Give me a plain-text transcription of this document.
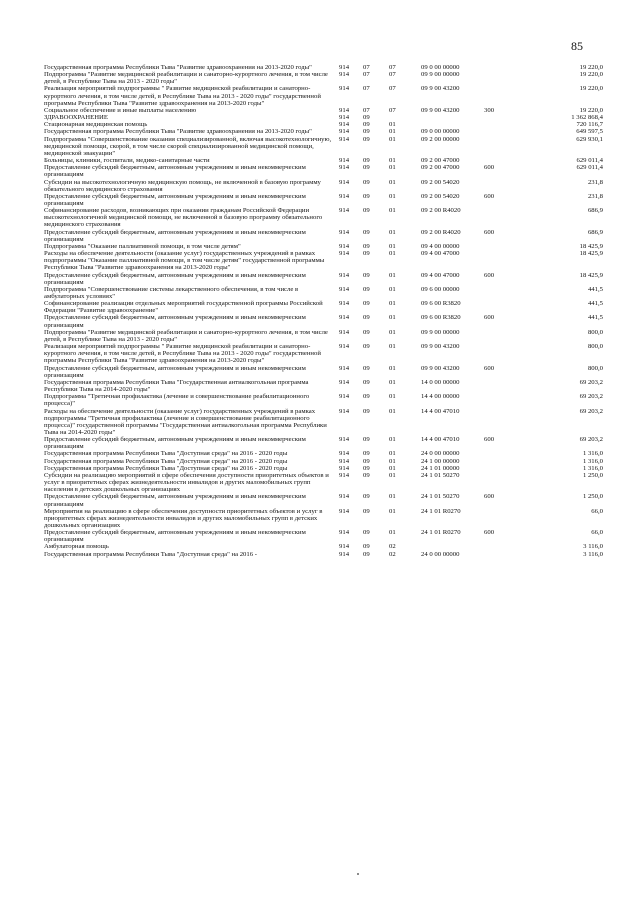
85
Государственная программа Республики Тыва "Развитие здравоохранения на 2013-2020 годы"	914	07	07	09 0 00 00000		19 220,0
Подпрограмма "Развитие медицинской реабилитации и санаторно-курортного лечения, в том числе детей, в Республике Тыва на 2013 - 2020 годы"	914	07	07	09 9 00 00000		19 220,0
Реализация мероприятий подпрограммы " Развитие медицинской реабилитации и санаторно-курортного лечения, в том числе детей, в Республике Тыва на 2013 - 2020 годы" государственной программы Республики Тыва "Развитие здравоохранения на 2013-2020 годы"	914	07	07	09 9 00 43200		19 220,0
Социальное обеспечение и иные выплаты населению	914	07	07	09 9 00 43200	300	19 220,0
ЗДРАВООХРАНЕНИЕ	914	09				1 362 868,4
Стационарная медицинская помощь	914	09	01			720 116,7
Государственная программа Республики Тыва "Развитие здравоохранения на 2013-2020 годы"	914	09	01	09 0 00 00000		649 597,5
Подпрограмма "Совершенствование оказания специализированной, включая высокотехнологичную, медицинской помощи, скорой, в том числе скорой специализированной медицинской помощи, медицинской эвакуации"	914	09	01	09 2 00 00000		629 930,1
Больницы, клиники, госпитали, медико-санитарные части	914	09	01	09 2 00 47000		629 011,4
Предоставление субсидий бюджетным, автономным учреждениям и иным некоммерческим организациям	914	09	01	09 2 00 47000	600	629 011,4
Субсидии на высокотехнологичную медицинскую помощь, не включенной в базовую программу обязательного медицинского страхования	914	09	01	09 2 00 54020		231,8
Предоставление субсидий бюджетным, автономным учреждениям и иным некоммерческим организациям	914	09	01	09 2 00 54020	600	231,8
Софинансирование расходов, возникающих при оказании гражданам Российской Федерации высокотехнологичной медицинской помощи, не включенной в базовую программу обязательного медицинского страхования	914	09	01	09 2 00 R4020		686,9
Предоставление субсидий бюджетным, автономным учреждениям и иным некоммерческим организациям	914	09	01	09 2 00 R4020	600	686,9
Подпрограмма "Оказание паллиативной помощи, в том числе детям"	914	09	01	09 4 00 00000		18 425,9
Расходы на обеспечение деятельности (оказание услуг) государственных учреждений в рамках подпрограммы "Оказание паллиативной помощи, в том числе детям" государственной программы Республики Тыва "Развитие здравоохранения на 2013-2020 годы"	914	09	01	09 4 00 47000		18 425,9
Предоставление субсидий бюджетным, автономным учреждениям и иным некоммерческим организациям	914	09	01	09 4 00 47000	600	18 425,9
Подпрограмма "Совершенствование системы лекарственного обеспечения, в том числе в амбулаторных условиях"	914	09	01	09 6 00 00000		441,5
Софинансирование реализации отдельных мероприятий государственной программы Российской Федерации "Развитие здравоохранение"	914	09	01	09 6 00 R3820		441,5
Предоставление субсидий бюджетным, автономным учреждениям и иным некоммерческим организациям	914	09	01	09 6 00 R3820	600	441,5
Подпрограмма "Развитие медицинской реабилитации и санаторно-курортного лечения, в том числе детей, в Республике Тыва на 2013 - 2020 годы"	914	09	01	09 9 00 00000		800,0
Реализация мероприятий подпрограммы " Развитие медицинской реабилитации и санаторно-курортного лечения, в том числе детей, в Республике Тыва на 2013 - 2020 годы" государственной программы Республики Тыва "Развитие здравоохранения на 2013-2020 годы"	914	09	01	09 9 00 43200		800,0
Предоставление субсидий бюджетным, автономным учреждениям и иным некоммерческим организациям	914	09	01	09 9 00 43200	600	800,0
Государственная программа Республики Тыва "Государственная антиалкогольная программа Республики Тыва на 2014-2020 годы"	914	09	01	14 0 00 00000		69 203,2
Подпрограмма "Третичная профилактика (лечение и совершенствование реабилитационного процесса)"	914	09	01	14 4 00 00000		69 203,2
Расходы на обеспечение деятельности (оказание услуг) государственных учреждений в рамках подпрограммы "Третичная профилактика (лечение и совершенствование реабилитационного процесса)" государственной программы "Государственная антиалкогольная программа Республики Тыва на 2014-2020 годы"	914	09	01	14 4 00 47010		69 203,2
Предоставление субсидий бюджетным, автономным учреждениям и иным некоммерческим организациям	914	09	01	14 4 00 47010	600	69 203,2
Государственная программа Республики Тыва "Доступная среда" на 2016 - 2020 годы	914	09	01	24 0 00 00000		1 316,0
Государственная программа Республики Тыва "Доступная среда" на 2016 - 2020 годы	914	09	01	24 1 00 00000		1 316,0
Государственная программа Республики Тыва "Доступная среда" на 2016 - 2020 годы	914	09	01	24 1 01 00000		1 316,0
Субсидии на реализацию мероприятий в сфере обеспечения доступности приоритетных объектов и услуг в приоритетных сферах жизнедеятельности инвалидов и других маломобильных групп населения в детских дошкольных организациях	914	09	01	24 1 01 50270		1 250,0
Предоставление субсидий бюджетным, автономным учреждениям и иным некоммерческим организациям	914	09	01	24 1 01 50270	600	1 250,0
Мероприятия на реализацию в сфере обеспечения доступности приоритетных объектов и услуг в приоритетных сферах жизнедеятельности инвалидов и других маломобильных групп в детских дошкольных организациях	914	09	01	24 1 01 R0270		66,0
Предоставление субсидий бюджетным, автономным учреждениям и иным некоммерческим организациям	914	09	01	24 1 01 R0270	600	66,0
Амбулаторная помощь	914	09	02			3 116,0
Государственная программа Республики Тыва "Доступная среда" на 2016 -	914	09	02	24 0 00 00000		3 116,0
